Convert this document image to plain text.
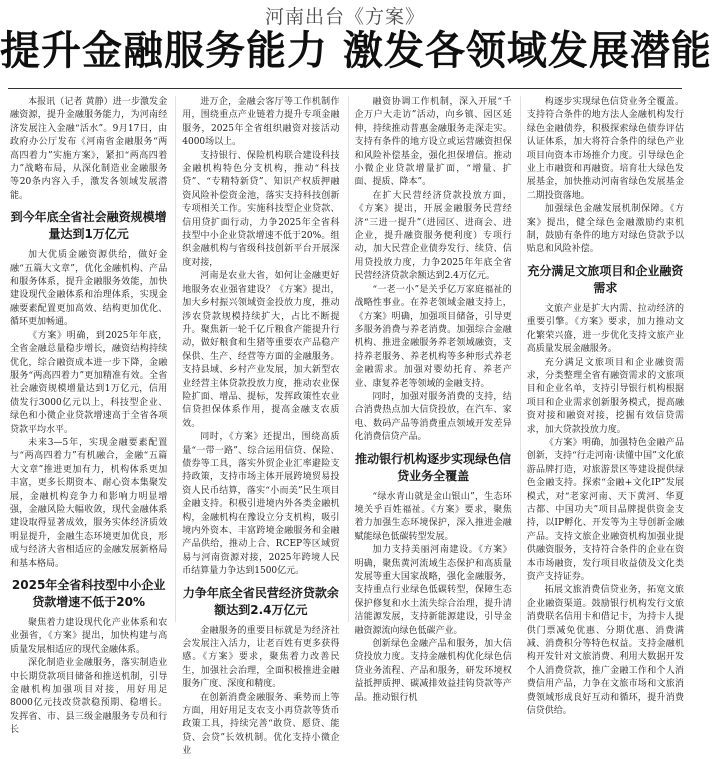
河南出台《方案》
提升金融服务能力 激发各领域发展潜能

本报讯（记者 黄静）进一步激发金融资源，提升金融服务能力，为河南经济发展注入金融“活水”。9月17日，由政府办公厅发布《河南省金融服务“两高四着力”实施方案》，紧扣“两高四着力”战略布局，从深化制造业金融服务等20条内容入手，激发各领域发展潜能。

到今年底全省社会融资规模增量达到1万亿元

加大优质金融资源供给，做好金融“五篇大文章”，优化金融机构、产品和服务体系，提升金融服务效能，加快建设现代金融体系和治理体系，实现金融要素配置更加高效、结构更加优化、循环更加畅通。

《方案》明确，到2025年年底，全省金融总量稳步增长，融资结构持续优化，综合融资成本进一步下降，金融服务“两高四着力”更加精准有效。全省社会融资规模增量达到1万亿元，信用债发行3000亿元以上，科技型企业、绿色和小微企业贷款增速高于全省各项贷款平均水平。

未来3—5年，实现金融要素配置与“两高四着力”有机融合，金融“五篇大文章”推进更加有力，机构体系更加丰富，更多长期资本、耐心资本集聚发展，金融机构竞争力和影响力明显增强，金融风险大幅收敛，现代金融体系建设取得显著成效，服务实体经济质效明显提升，金融生态环境更加优良，形成与经济大省相适应的金融发展新格局和基本格局。

2025年全省科技型中小企业贷款增速不低于20%

聚焦着力建设现代化产业体系和农业强省，《方案》提出，加快构建与高质量发展相适应的现代金融体系。

深化制造业金融服务，落实制造业中长期贷款项目储备和推送机制，引导金融机构加强项目对接，用好用足8000亿元技改贷款稳预期、稳增长。发挥省、市、县三级金融服务专员和行长

进万企，金融会客厅等工作机制作用，围绕重点产业链着力提升专项金融服务，2025年全省组织融资对接活动4000场以上。

支持银行、保险机构联合建设科技金融机构特色分支机构，推动“科技贷”、“专精特新贷”、知识产权质押融资风险补偿资金池，落实支持科技创新专项相关工作。实施科技型企业贷款、信用贷扩面行动，力争2025年全省科技型中小企业贷款增速不低于20%。组织金融机构与省级科技创新平台开展深度对接，

河南是农业大省，如何让金融更好地服务农业强省建设？《方案》提出，加大乡村振兴领域资金投放力度，推动涉农贷款规模持续扩大，占比不断提升。聚焦新一轮千亿斤粮食产能提升行动，做好粮食和生猪等重要农产品稳产保供、生产、经营等方面的金融服务。支持县域、乡村产业发展，加大新型农业经营主体贷款投放力度，推动农业保险扩面、增品、提标，发挥政策性农业信贷担保体系作用，提高金融支农质效。

同时，《方案》还提出，围绕高质量“一带一路”、综合运用信贷、保险、债券等工具，落实外贸企业汇率避险支持政策，支持市场主体开展跨境贸易投资人民币结算，落实“小而美”民生项目金融支持。积极引进境内外各类金融机构，金融机构在豫设立分支机构，吸引境内外资本、丰富跨境金融服务和金融产品供给，推动上合、RCEP等区域贸易与河南资源对接，2025年跨境人民币结算量力争达到1500亿元。

力争年底全省民营经济贷款余额达到2.4万亿元

金融服务的重要目标就是为经济社会发展注入活力，让老百姓有更多获得感。《方案》要求，聚焦着力改善民生，加强社会治理，全面积极推进金融服务广度、深度和精度。

在创新消费金融服务、乘势而上等方面，用好用足支农支小再贷款等货币政策工具，持续完善“敢贷、愿贷、能贷、会贷”长效机制。优化支持小微企业

融资协调工作机制，深入开展“千企万户大走访”活动，向乡镇、园区延伸，持续推动普惠金融服务走深走实。支持有条件的地方设立或运营融资担保和风险补偿基金，强化担保增信。推动小微企业贷款增量扩面，“增量、扩面、提质、降本”。

在扩大民营经济贷款投放方面，《方案》提出，开展金融服务民营经济“三进一提升”（进园区、进商会、进企业，提升融资服务便利度）专项行动，加大民营企业债券发行、续贷、信用贷投放力度，力争2025年年底全省民营经济贷款余额达到2.4万亿元。

“一老一小”是关乎亿万家庭福祉的战略性事业。在养老领域金融支持上，《方案》明确，加强项目储备，引导更多服务消费与养老消费。加强综合金融机构、推进金融服务养老领域融资，支持养老服务、养老机构等多种形式养老金融需求。加强对婴幼托育、养老产业、康复养老等领域的金融支持。

同时，加强对服务消费的支持，结合消费热点加大信贷投放，在汽车、家电、数码产品等消费重点领域开发差异化消费信贷产品。

推动银行机构逐步实现绿色信贷业务全覆盖

“绿水青山就是金山银山”，生态环境关乎百姓福祉。《方案》要求，聚焦着力加强生态环境保护，深入推进金融赋能绿色低碳转型发展。

加力支持美丽河南建设。《方案》明确，聚焦黄河流域生态保护和高质量发展等重大国家战略，强化金融服务，支持重点行业绿色低碳转型，保障生态保护修复和水土流失综合治理，提升清洁能源发展，支持新能源建设，引导金融资源流向绿色低碳产业。

创新绿色金融产品和服务，加大信贷投放力度。支持金融机构优化绿色信贷业务流程、产品和服务，研发环境权益抵押质押、碳减排效益挂钩贷款等产品。推动银行机

构逐步实现绿色信贷业务全覆盖。支持符合条件的地方法人金融机构发行绿色金融债券，积极探索绿色债券评估认证体系，加大将符合条件的绿色产业项目向资本市场推介力度。引导绿色企业上市融资和再融资。培育壮大绿色发展基金，加快推动河南省绿色发展基金二期投资落地。

加强绿色金融发展机制保障。《方案》提出，健全绿色金融激励约束机制，鼓励有条件的地方对绿色贷款予以贴息和风险补偿。

充分满足文旅项目和企业融资需求

文旅产业是扩大内需、拉动经济的重要引擎。《方案》要求，加力推动文化繁荣兴盛，进一步优化支持文旅产业高质量发展金融服务。

充分满足文旅项目和企业融资需求，分类整理全省有融资需求的文旅项目和企业名单，支持引导银行机构根据项目和企业需求创新服务模式，提高融资对接和融资对接，挖掘有效信贷需求，加大贷款投放力度。

《方案》明确，加强特色金融产品创新，支持“行走河南·读懂中国”文化旅游品牌打造，对旅游景区等建设提供绿色金融支持。探索“金融+文化IP”发展模式，对“老家河南、天下黄河、华夏古都、中国功夫”项目品牌提供资金支持，以IP孵化、开发等为主导创新金融产品。支持文旅企业融资机构加强业提供融资服务，支持符合条件的企业在资本市场融资，发行项目收益债及文化类资产支持证券。

拓展文旅消费信贷业务，拓宽文旅企业融资渠道。鼓励银行机构发行文旅消费联名信用卡和借记卡，为持卡人提供门票减免优惠、分期优惠、消费满减、消费积分等特色权益。支持金融机构开发针对文旅消费、利用大数据开发个人消费贷款，推广金融工作和个人消费信用产品，力争在文旅市场和文旅消费领域形成良好互动和循环，提升消费信贷供给。
